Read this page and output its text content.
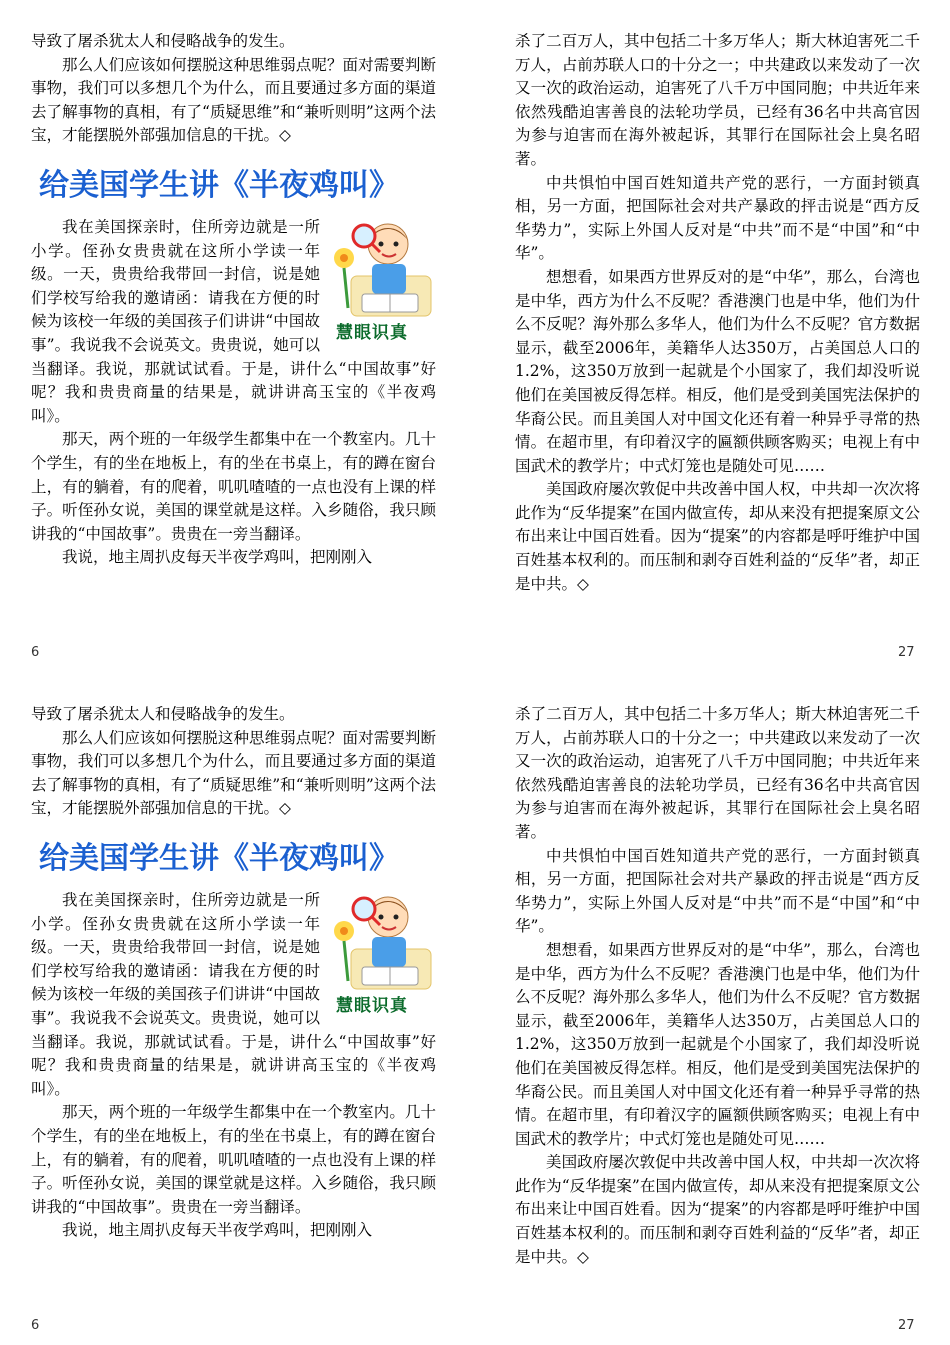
导致了屠杀犹太人和侵略战争的发生。

那么人们应该如何摆脱这种思维弱点呢？面对需要判断事物，我们可以多想几个为什么，而且要通过多方面的渠道去了解事物的真相，有了“质疑思维”和“兼听则明”这两个法宝，才能摆脱外部强加信息的干扰。◇

给美国学生讲《半夜鸡叫》
慧眼识真

我在美国探亲时，住所旁边就是一所小学。侄孙女贵贵就在这所小学读一年级。一天，贵贵给我带回一封信，说是她们学校写给我的邀请函：请我在方便的时候为该校一年级的美国孩子们讲讲“中国故事”。我说我不会说英文。贵贵说，她可以当翻译。我说，那就试试看。于是，讲什么“中国故事”好呢？我和贵贵商量的结果是，就讲讲高玉宝的《半夜鸡叫》。

那天，两个班的一年级学生都集中在一个教室内。几十个学生，有的坐在地板上，有的坐在书桌上，有的蹲在窗台上，有的躺着，有的爬着，叽叽喳喳的一点也没有上课的样子。听侄孙女说，美国的课堂就是这样。入乡随俗，我只顾讲我的“中国故事”。贵贵在一旁当翻译。

我说，地主周扒皮每天半夜学鸡叫，把刚刚入

6

杀了二百万人，其中包括二十多万华人；斯大林迫害死二千万人，占前苏联人口的十分之一；中共建政以来发动了一次又一次的政治运动，迫害死了八千万中国同胞；中共近年来依然残酷迫害善良的法轮功学员，已经有36名中共高官因为参与迫害而在海外被起诉，其罪行在国际社会上臭名昭著。

中共惧怕中国百姓知道共产党的恶行，一方面封锁真相，另一方面，把国际社会对共产暴政的抨击说是“西方反华势力”，实际上外国人反对是“中共”而不是“中国”和“中华”。

想想看，如果西方世界反对的是“中华”，那么，台湾也是中华，西方为什么不反呢？香港澳门也是中华，他们为什么不反呢？海外那么多华人，他们为什么不反呢？官方数据显示，截至2006年，美籍华人达350万，占美国总人口的1.2%，这350万放到一起就是个小国家了，我们却没听说他们在美国被反得怎样。相反，他们是受到美国宪法保护的华裔公民。而且美国人对中国文化还有着一种异乎寻常的热情。在超市里，有印着汉字的匾额供顾客购买；电视上有中国武术的教学片；中式灯笼也是随处可见……

美国政府屡次敦促中共改善中国人权，中共却一次次将此作为“反华提案”在国内做宣传，却从来没有把提案原文公布出来让中国百姓看。因为“提案”的内容都是呼吁维护中国百姓基本权利的。而压制和剥夺百姓利益的“反华”者，却正是中共。◇

27

导致了屠杀犹太人和侵略战争的发生。

那么人们应该如何摆脱这种思维弱点呢？面对需要判断事物，我们可以多想几个为什么，而且要通过多方面的渠道去了解事物的真相，有了“质疑思维”和“兼听则明”这两个法宝，才能摆脱外部强加信息的干扰。◇

给美国学生讲《半夜鸡叫》
慧眼识真

我在美国探亲时，住所旁边就是一所小学。侄孙女贵贵就在这所小学读一年级。一天，贵贵给我带回一封信，说是她们学校写给我的邀请函：请我在方便的时候为该校一年级的美国孩子们讲讲“中国故事”。我说我不会说英文。贵贵说，她可以当翻译。我说，那就试试看。于是，讲什么“中国故事”好呢？我和贵贵商量的结果是，就讲讲高玉宝的《半夜鸡叫》。

那天，两个班的一年级学生都集中在一个教室内。几十个学生，有的坐在地板上，有的坐在书桌上，有的蹲在窗台上，有的躺着，有的爬着，叽叽喳喳的一点也没有上课的样子。听侄孙女说，美国的课堂就是这样。入乡随俗，我只顾讲我的“中国故事”。贵贵在一旁当翻译。

我说，地主周扒皮每天半夜学鸡叫，把刚刚入

6

杀了二百万人，其中包括二十多万华人；斯大林迫害死二千万人，占前苏联人口的十分之一；中共建政以来发动了一次又一次的政治运动，迫害死了八千万中国同胞；中共近年来依然残酷迫害善良的法轮功学员，已经有36名中共高官因为参与迫害而在海外被起诉，其罪行在国际社会上臭名昭著。

中共惧怕中国百姓知道共产党的恶行，一方面封锁真相，另一方面，把国际社会对共产暴政的抨击说是“西方反华势力”，实际上外国人反对是“中共”而不是“中国”和“中华”。

想想看，如果西方世界反对的是“中华”，那么，台湾也是中华，西方为什么不反呢？香港澳门也是中华，他们为什么不反呢？海外那么多华人，他们为什么不反呢？官方数据显示，截至2006年，美籍华人达350万，占美国总人口的1.2%，这350万放到一起就是个小国家了，我们却没听说他们在美国被反得怎样。相反，他们是受到美国宪法保护的华裔公民。而且美国人对中国文化还有着一种异乎寻常的热情。在超市里，有印着汉字的匾额供顾客购买；电视上有中国武术的教学片；中式灯笼也是随处可见……

美国政府屡次敦促中共改善中国人权，中共却一次次将此作为“反华提案”在国内做宣传，却从来没有把提案原文公布出来让中国百姓看。因为“提案”的内容都是呼吁维护中国百姓基本权利的。而压制和剥夺百姓利益的“反华”者，却正是中共。◇

27
